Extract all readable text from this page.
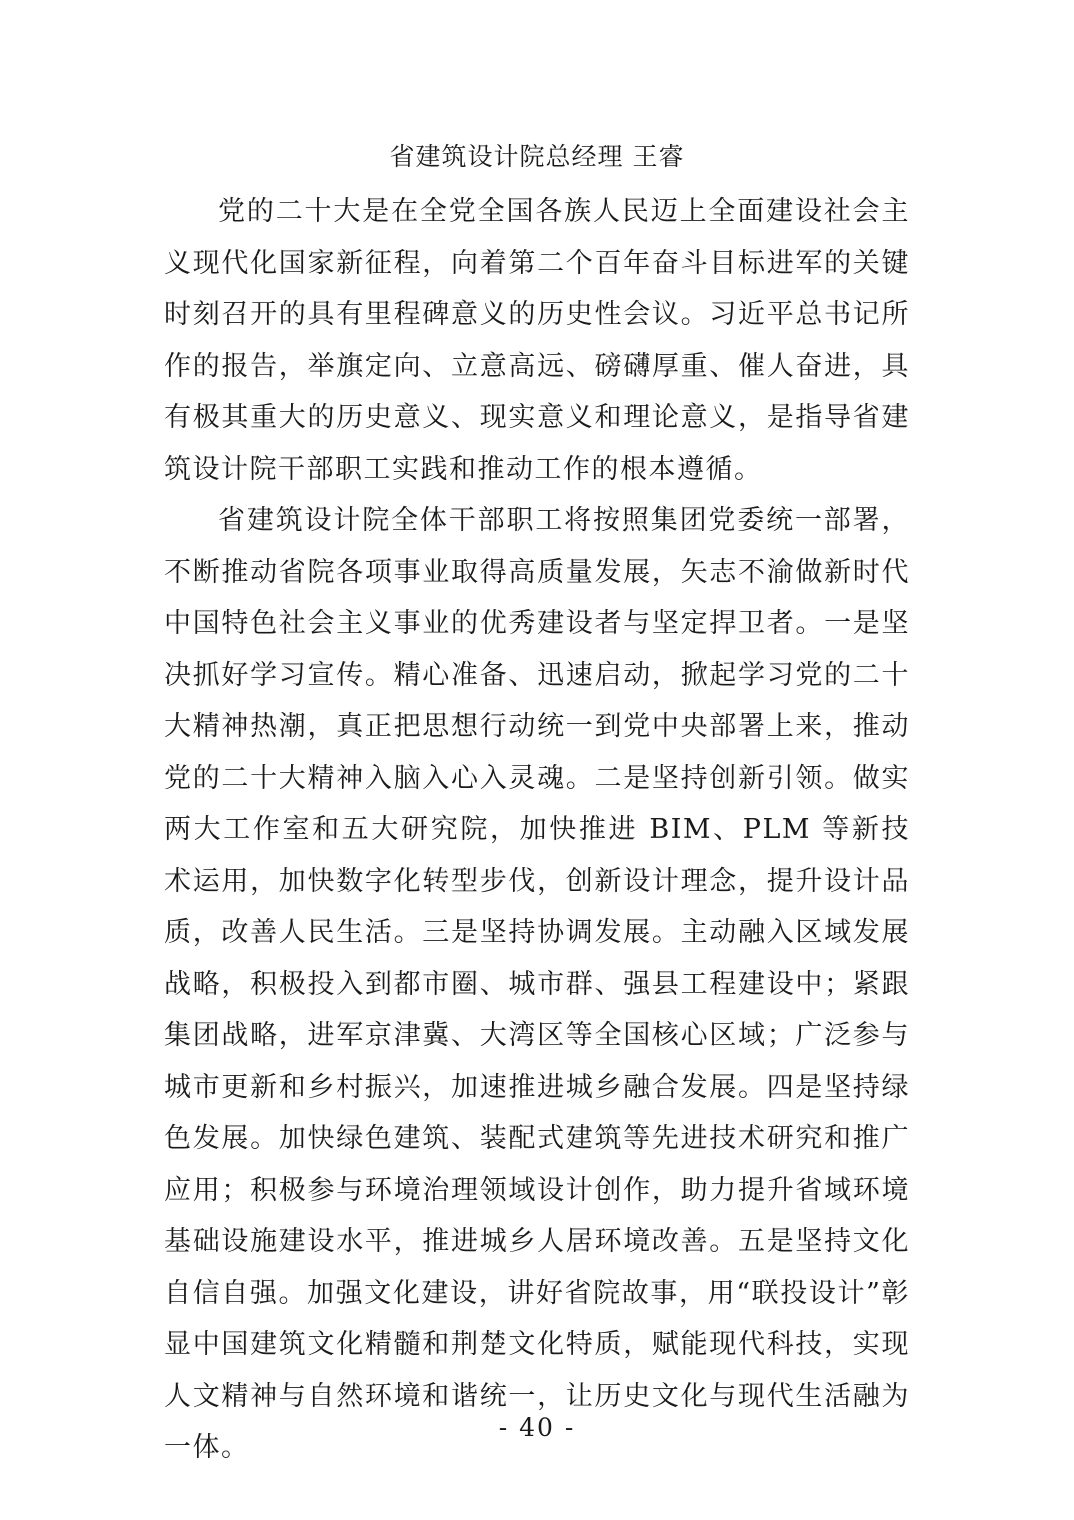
省建筑设计院总经理 王睿

党的二十大是在全党全国各族人民迈上全面建设社会主义现代化国家新征程，向着第二个百年奋斗目标进军的关键时刻召开的具有里程碑意义的历史性会议。习近平总书记所作的报告，举旗定向、立意高远、磅礴厚重、催人奋进，具有极其重大的历史意义、现实意义和理论意义，是指导省建筑设计院干部职工实践和推动工作的根本遵循。

省建筑设计院全体干部职工将按照集团党委统一部署，不断推动省院各项事业取得高质量发展，矢志不渝做新时代中国特色社会主义事业的优秀建设者与坚定捍卫者。一是坚决抓好学习宣传。精心准备、迅速启动，掀起学习党的二十大精神热潮，真正把思想行动统一到党中央部署上来，推动党的二十大精神入脑入心入灵魂。二是坚持创新引领。做实两大工作室和五大研究院，加快推进 BIM、PLM 等新技术运用，加快数字化转型步伐，创新设计理念，提升设计品质，改善人民生活。三是坚持协调发展。主动融入区域发展战略，积极投入到都市圈、城市群、强县工程建设中；紧跟集团战略，进军京津冀、大湾区等全国核心区域；广泛参与城市更新和乡村振兴，加速推进城乡融合发展。四是坚持绿色发展。加快绿色建筑、装配式建筑等先进技术研究和推广应用；积极参与环境治理领域设计创作，助力提升省域环境基础设施建设水平，推进城乡人居环境改善。五是坚持文化自信自强。加强文化建设，讲好省院故事，用“联投设计”彰显中国建筑文化精髓和荆楚文化特质，赋能现代科技，实现人文精神与自然环境和谐统一，让历史文化与现代生活融为一体。

- 40 -
